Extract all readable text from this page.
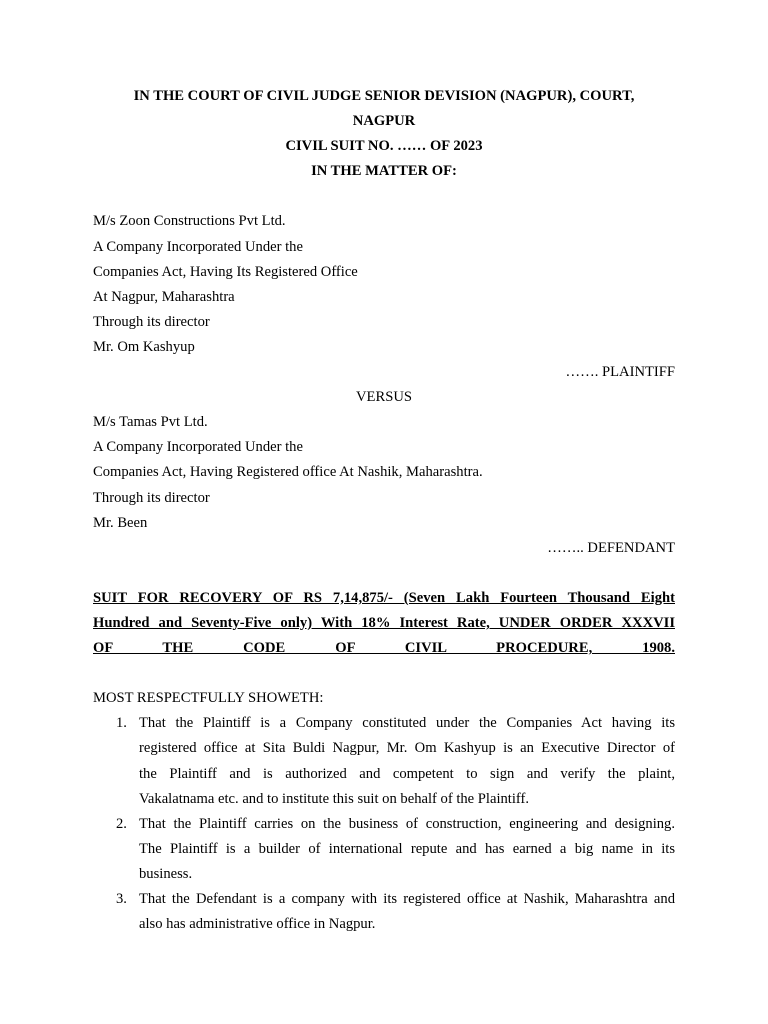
IN THE COURT OF CIVIL JUDGE SENIOR DEVISION (NAGPUR), COURT,
NAGPUR
CIVIL SUIT NO. …… OF 2023
IN THE MATTER OF:
M/s Zoon Constructions Pvt Ltd.
A Company Incorporated Under the
Companies Act, Having Its Registered Office
At Nagpur, Maharashtra
Through its director
Mr. Om Kashyup
……. PLAINTIFF
VERSUS
M/s Tamas Pvt Ltd.
A Company Incorporated Under the
Companies Act, Having Registered office At Nashik, Maharashtra.
Through its director
Mr. Been
…….. DEFENDANT
SUIT FOR RECOVERY OF RS 7,14,875/- (Seven Lakh Fourteen Thousand Eight
Hundred and Seventy-Five only) With 18% Interest Rate, UNDER ORDER XXXVII
OF THE CODE OF CIVIL PROCEDURE, 1908.
MOST RESPECTFULLY SHOWETH:
1. That the Plaintiff is a Company constituted under the Companies Act having its
registered office at Sita Buldi Nagpur, Mr. Om Kashyup is an Executive Director of
the Plaintiff and is authorized and competent to sign and verify the plaint,
Vakalatnama etc. and to institute this suit on behalf of the Plaintiff.
2. That the Plaintiff carries on the business of construction, engineering and designing.
The Plaintiff is a builder of international repute and has earned a big name in its
business.
3. That the Defendant is a company with its registered office at Nashik, Maharashtra and
also has administrative office in Nagpur.
